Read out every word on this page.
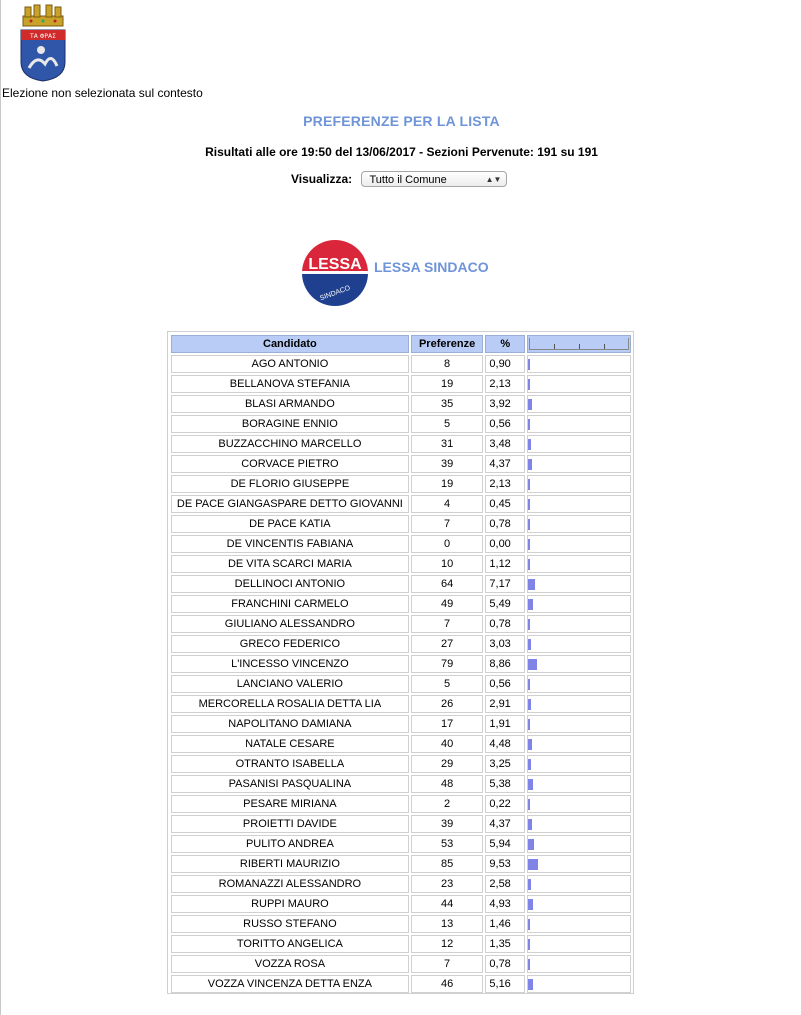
ΤΑ ΦΡΑΣ
Elezione non selezionata sul contesto
PREFERENZE PER LA LISTA
Risultati alle ore 19:50 del 13/06/2017 - Sezioni Pervenute: 191 su 191
Visualizza: Tutto il Comune	▲▼
LESSA
SINDACO
LESSA SINDACO
Candidato	Preferenze	%	

AGO ANTONIO	8	0,90	

BELLANOVA STEFANIA	19	2,13	

BLASI ARMANDO	35	3,92	

BORAGINE ENNIO	5	0,56	

BUZZACCHINO MARCELLO	31	3,48	

CORVACE PIETRO	39	4,37	

DE FLORIO GIUSEPPE	19	2,13	

DE PACE GIANGASPARE DETTO GIOVANNI	4	0,45	

DE PACE KATIA	7	0,78	

DE VINCENTIS FABIANA	0	0,00	

DE VITA SCARCI MARIA	10	1,12	

DELLINOCI ANTONIO	64	7,17	

FRANCHINI CARMELO	49	5,49	

GIULIANO ALESSANDRO	7	0,78	

GRECO FEDERICO	27	3,03	

L'INCESSO VINCENZO	79	8,86	

LANCIANO VALERIO	5	0,56	

MERCORELLA ROSALIA DETTA LIA	26	2,91	

NAPOLITANO DAMIANA	17	1,91	

NATALE CESARE	40	4,48	

OTRANTO ISABELLA	29	3,25	

PASANISI PASQUALINA	48	5,38	

PESARE MIRIANA	2	0,22	

PROIETTI DAVIDE	39	4,37	

PULITO ANDREA	53	5,94	

RIBERTI MAURIZIO	85	9,53	

ROMANAZZI ALESSANDRO	23	2,58	

RUPPI MAURO	44	4,93	

RUSSO STEFANO	13	1,46	

TORITTO ANGELICA	12	1,35	

VOZZA ROSA	7	0,78	

VOZZA VINCENZA DETTA ENZA	46	5,16	
